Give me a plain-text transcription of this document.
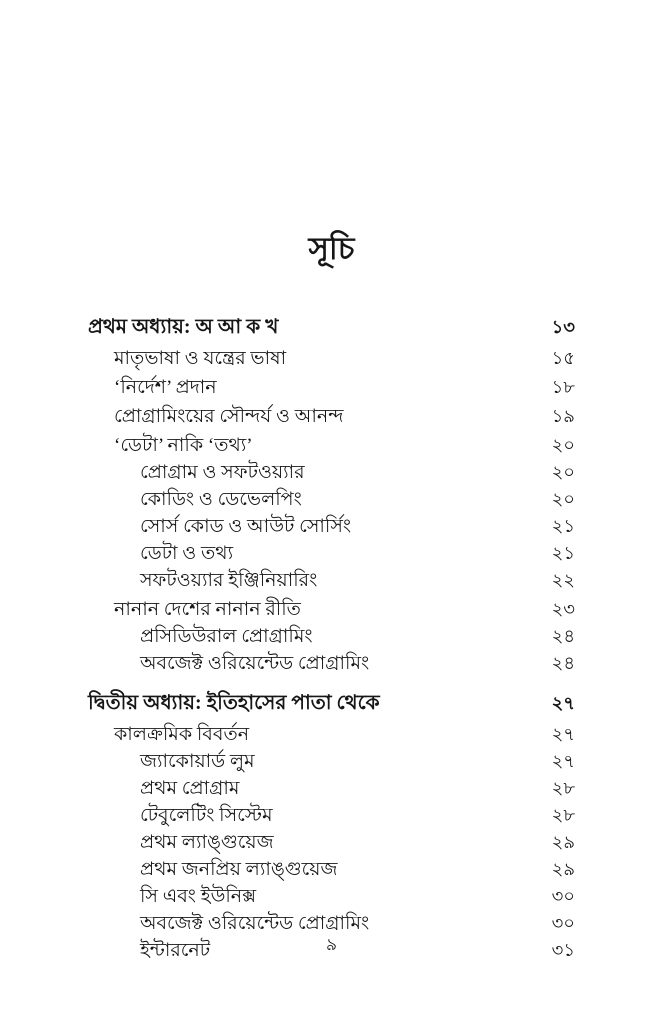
সূচি
প্রথম অধ্যায়: অ আ ক খ	১৩
মাতৃভাষা ও যন্ত্রের ভাষা	১৫
‘নির্দেশ’ প্রদান	১৮
প্রোগ্রামিংয়ের সৌন্দর্য ও আনন্দ	১৯
‘ডেটা’ নাকি ‘তথ্য’	২০
প্রোগ্রাম ও সফটওয়্যার	২০
কোডিং ও ডেভেলপিং	২০
সোর্স কোড ও আউট সোর্সিং	২১
ডেটা ও তথ্য	২১
সফটওয়্যার ইঞ্জিনিয়ারিং	২২
নানান দেশের নানান রীতি	২৩
প্রসিডিউরাল প্রোগ্রামিং	২৪
অবজেক্ট ওরিয়েন্টেড প্রোগ্রামিং	২৪
দ্বিতীয় অধ্যায়: ইতিহাসের পাতা থেকে	২৭
কালক্রমিক বিবর্তন	২৭
জ্যাকোয়ার্ড লুম	২৭
প্রথম প্রোগ্রাম	২৮
টেবুলেটিং সিস্টেম	২৮
প্রথম ল্যাঙ্গুয়েজ	২৯
প্রথম জনপ্রিয় ল্যাঙ্গুয়েজ	২৯
সি এবং ইউনিক্স	৩০
অবজেক্ট ওরিয়েন্টেড প্রোগ্রামিং	৩০
ইন্টারনেট	৩১
৯
